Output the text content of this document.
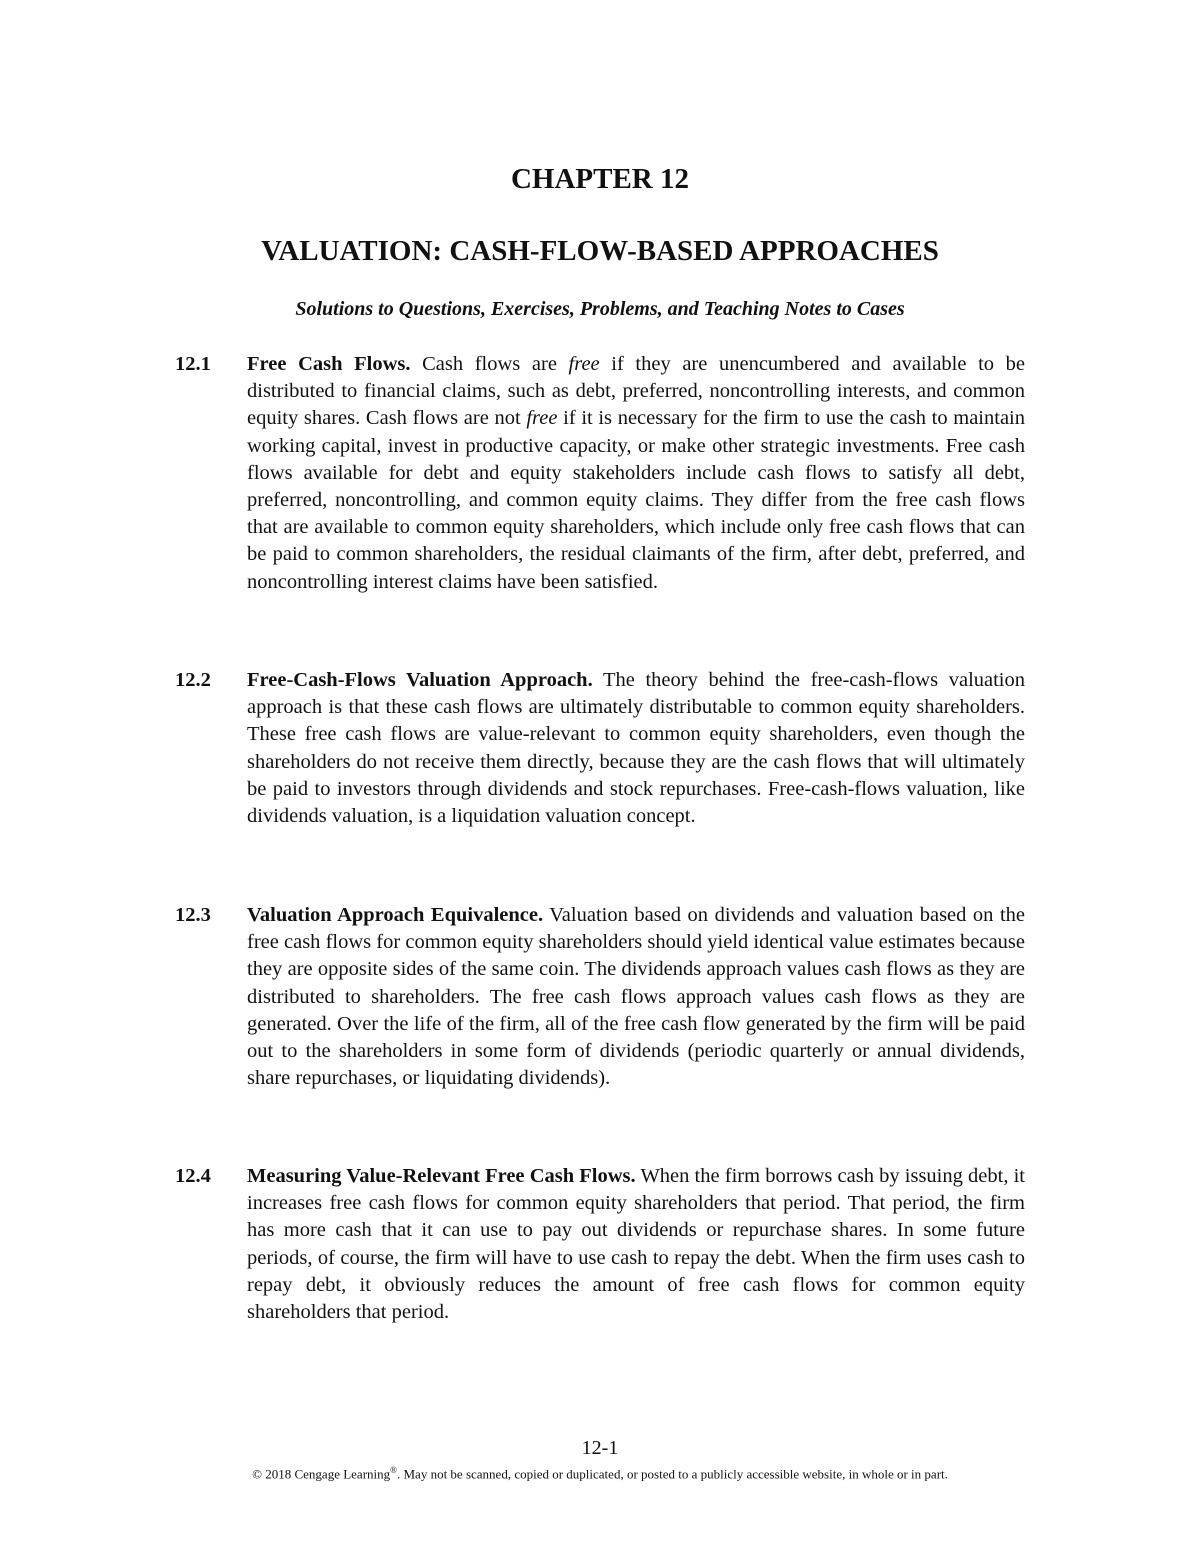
CHAPTER 12
VALUATION: CASH-FLOW-BASED APPROACHES
Solutions to Questions, Exercises, Problems, and Teaching Notes to Cases
12.1 Free Cash Flows. Cash flows are free if they are unencumbered and available to be distributed to financial claims, such as debt, preferred, noncontrolling interests, and common equity shares. Cash flows are not free if it is necessary for the firm to use the cash to maintain working capital, invest in productive capacity, or make other strategic investments. Free cash flows available for debt and equity stakeholders include cash flows to satisfy all debt, preferred, noncontrolling, and common equity claims. They differ from the free cash flows that are available to common equity shareholders, which include only free cash flows that can be paid to common shareholders, the residual claimants of the firm, after debt, preferred, and noncontrolling interest claims have been satisfied.
12.2 Free-Cash-Flows Valuation Approach. The theory behind the free-cash-flows valuation approach is that these cash flows are ultimately distributable to common equity shareholders. These free cash flows are value-relevant to common equity shareholders, even though the shareholders do not receive them directly, because they are the cash flows that will ultimately be paid to investors through dividends and stock repurchases. Free-cash-flows valuation, like dividends valuation, is a liquidation valuation concept.
12.3 Valuation Approach Equivalence. Valuation based on dividends and valuation based on the free cash flows for common equity shareholders should yield identical value estimates because they are opposite sides of the same coin. The dividends approach values cash flows as they are distributed to shareholders. The free cash flows approach values cash flows as they are generated. Over the life of the firm, all of the free cash flow generated by the firm will be paid out to the shareholders in some form of dividends (periodic quarterly or annual dividends, share repurchases, or liquidating dividends).
12.4 Measuring Value-Relevant Free Cash Flows. When the firm borrows cash by issuing debt, it increases free cash flows for common equity shareholders that period. That period, the firm has more cash that it can use to pay out dividends or repurchase shares. In some future periods, of course, the firm will have to use cash to repay the debt. When the firm uses cash to repay debt, it obviously reduces the amount of free cash flows for common equity shareholders that period.
12-1
© 2018 Cengage Learning®. May not be scanned, copied or duplicated, or posted to a publicly accessible website, in whole or in part.
